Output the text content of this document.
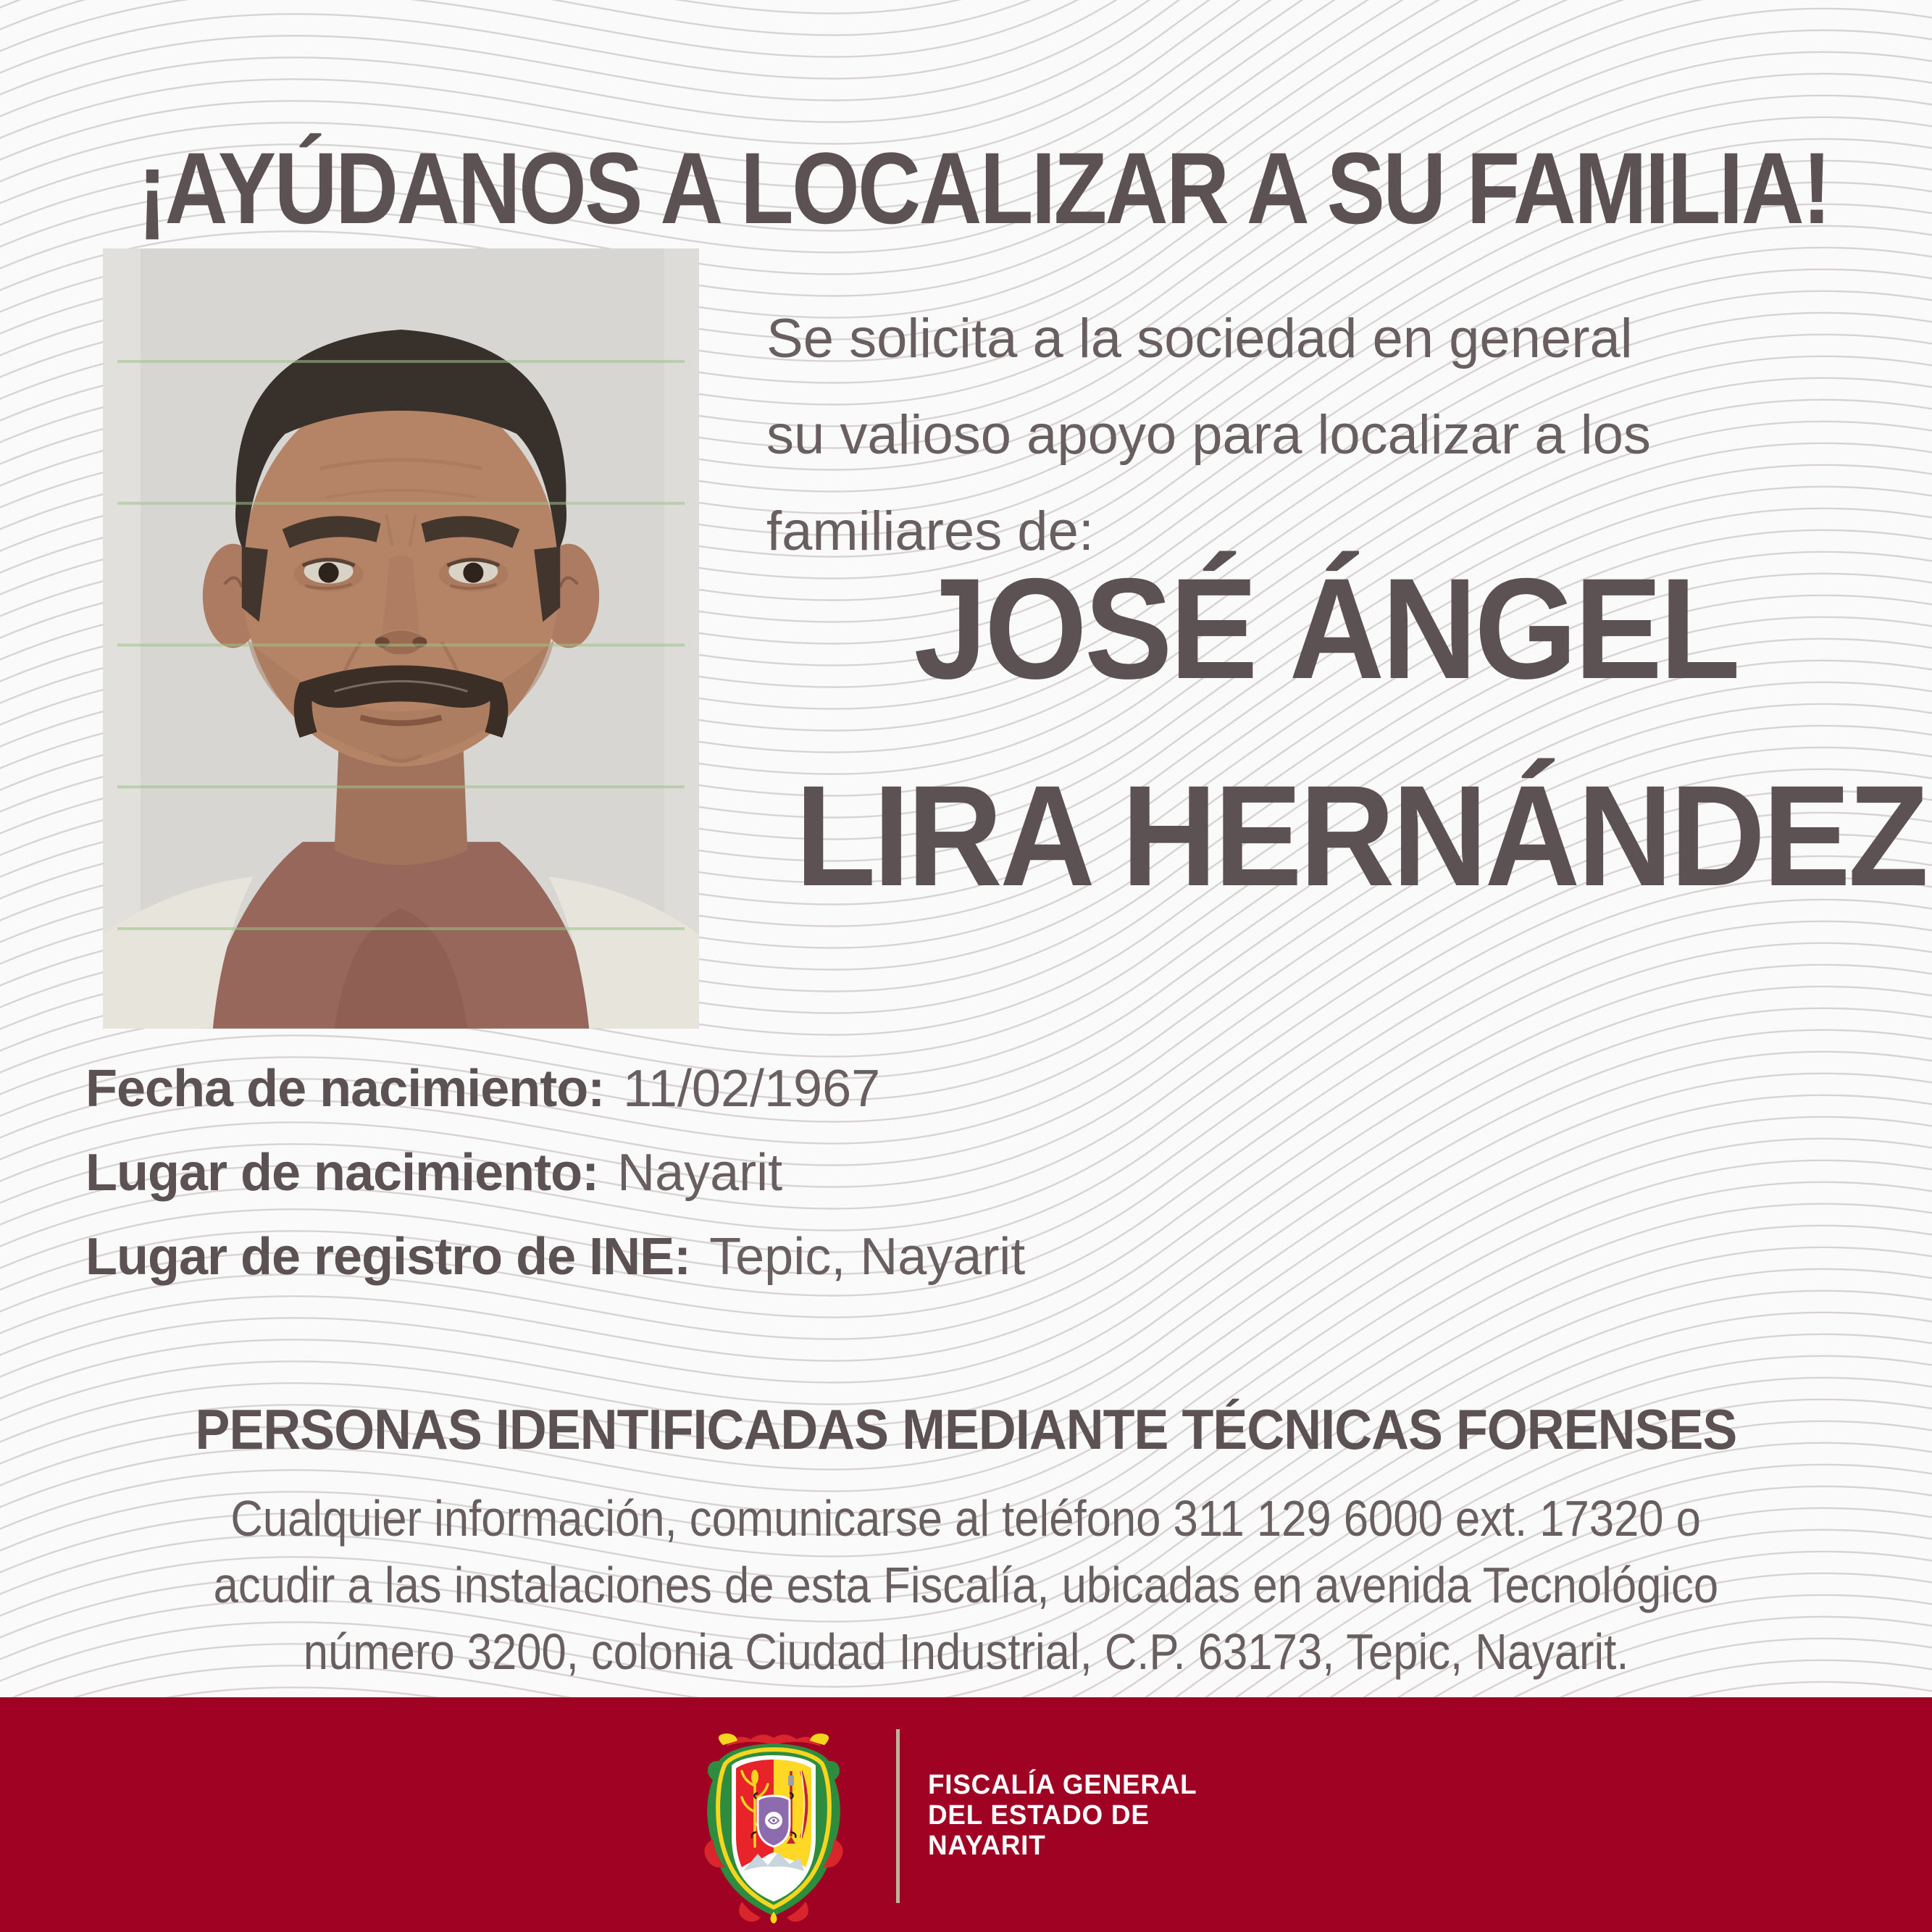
¡AYÚDANOS A LOCALIZAR A SU FAMILIA!

Se solicita a la sociedad en general
su valioso apoyo para localizar a los
familiares de:

JOSÉ ÁNGEL
LIRA HERNÁNDEZ
Fecha de nacimiento: 11/02/1967
Lugar de nacimiento: Nayarit
Lugar de registro de INE: Tepic, Nayarit
PERSONAS IDENTIFICADAS MEDIANTE TÉCNICAS FORENSES
Cualquier información, comunicarse al teléfono 311 129 6000 ext. 17320 o
acudir a las instalaciones de esta Fiscalía, ubicadas en avenida Tecnológico
número 3200, colonia Ciudad Industrial, C.P. 63173, Tepic, Nayarit.
FISCALÍA GENERAL
DEL ESTADO DE
NAYARIT
